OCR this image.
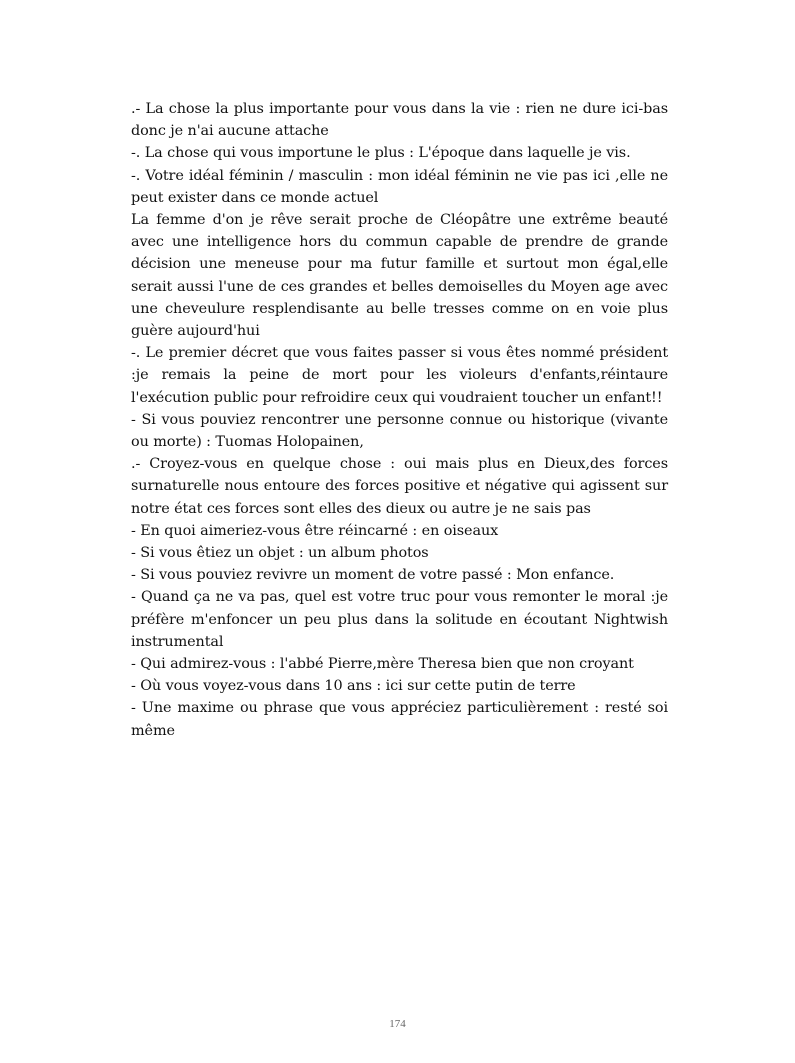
.- La chose la plus importante pour vous dans la vie : rien ne dure ici-bas donc je n'ai aucune attache

-. La chose qui vous importune le plus : L'époque dans laquelle je vis.

-. Votre idéal féminin / masculin : mon idéal féminin ne vie pas ici ,elle ne peut exister dans ce monde actuel

La femme d'on je rêve serait proche de Cléopâtre une extrême beauté avec une intelligence hors du commun capable de prendre de grande décision une meneuse pour ma futur famille et surtout mon égal,elle serait aussi l'une de ces grandes et belles demoiselles du Moyen age avec une cheveulure resplendisante au belle tresses comme on en voie plus guère aujourd'hui

-. Le premier décret que vous faites passer si vous êtes nommé président :je remais la peine de mort pour les violeurs d'enfants,réintaure l'exécution public pour refroidire ceux qui voudraient toucher un enfant!!

- Si vous pouviez rencontrer une personne connue ou historique (vivante ou morte) : Tuomas Holopainen,

.- Croyez-vous en quelque chose : oui mais plus en Dieux,des forces surnaturelle nous entoure des forces positive et négative qui agissent sur notre état ces forces sont elles des dieux ou autre je ne sais pas

- En quoi aimeriez-vous être réincarné : en oiseaux

- Si vous êtiez un objet : un album photos

- Si vous pouviez revivre un moment de votre passé : Mon enfance.

- Quand ça ne va pas, quel est votre truc pour vous remonter le moral :je préfère m'enfoncer un peu plus dans la solitude en écoutant Nightwish instrumental

- Qui admirez-vous : l'abbé Pierre,mère Theresa bien que non croyant

- Où vous voyez-vous dans 10 ans : ici sur cette putin de terre

- Une maxime ou phrase que vous appréciez particulièrement : resté soi même

174
